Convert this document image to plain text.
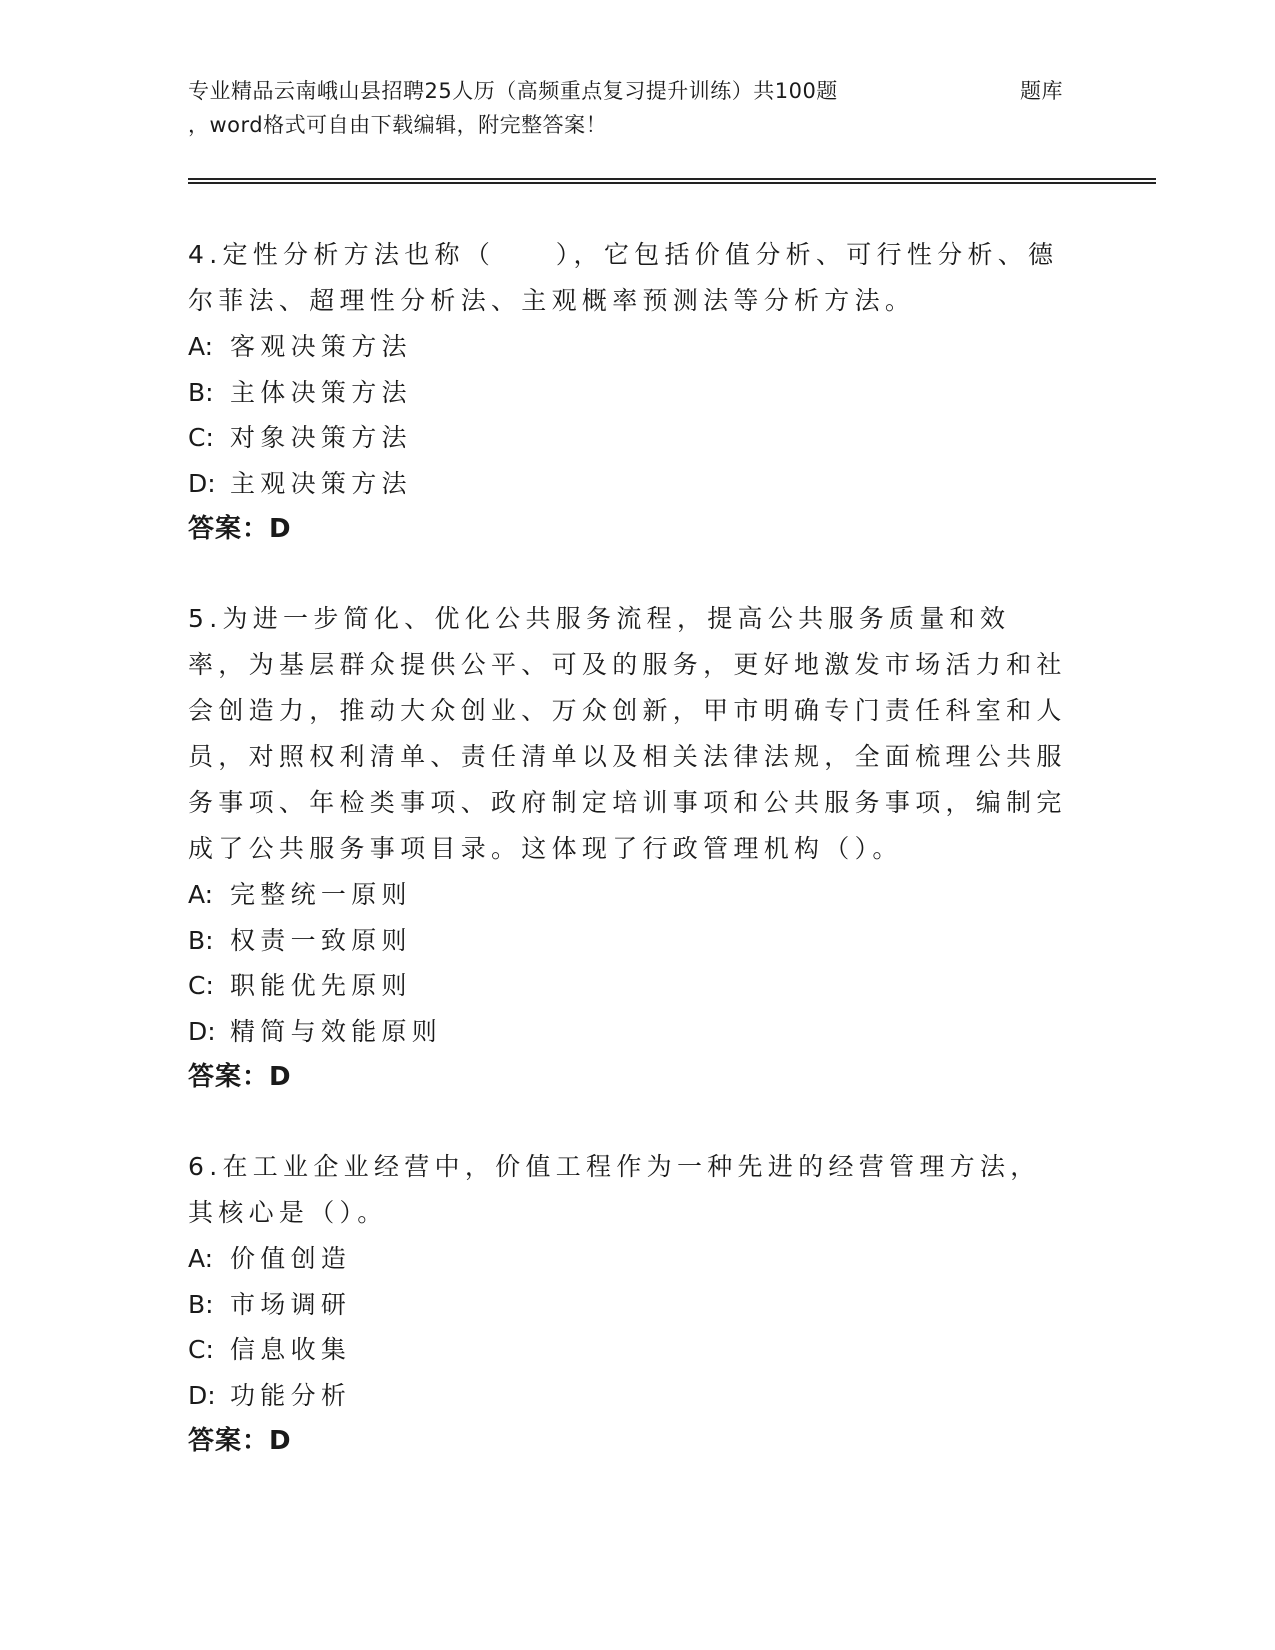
专业精品云南峨山县招聘25人历（高频重点复习提升训练）共100题	题库
，word格式可自由下载编辑，附完整答案！

4.定性分析方法也称（　　），它包括价值分析、可行性分析、德尔菲法、超理性分析法、主观概率预测法等分析方法。

A: 客观决策方法
B: 主体决策方法
C: 对象决策方法
D: 主观决策方法
答案：D

5.为进一步简化、优化公共服务流程，提高公共服务质量和效率，为基层群众提供公平、可及的服务，更好地激发市场活力和社会创造力，推动大众创业、万众创新，甲市明确专门责任科室和人员，对照权利清单、责任清单以及相关法律法规，全面梳理公共服务事项、年检类事项、政府制定培训事项和公共服务事项，编制完成了公共服务事项目录。这体现了行政管理机构（）。

A: 完整统一原则
B: 权责一致原则
C: 职能优先原则
D: 精简与效能原则
答案：D

6.在工业企业经营中，价值工程作为一种先进的经营管理方法，其核心是（）。

A: 价值创造
B: 市场调研
C: 信息收集
D: 功能分析
答案：D
